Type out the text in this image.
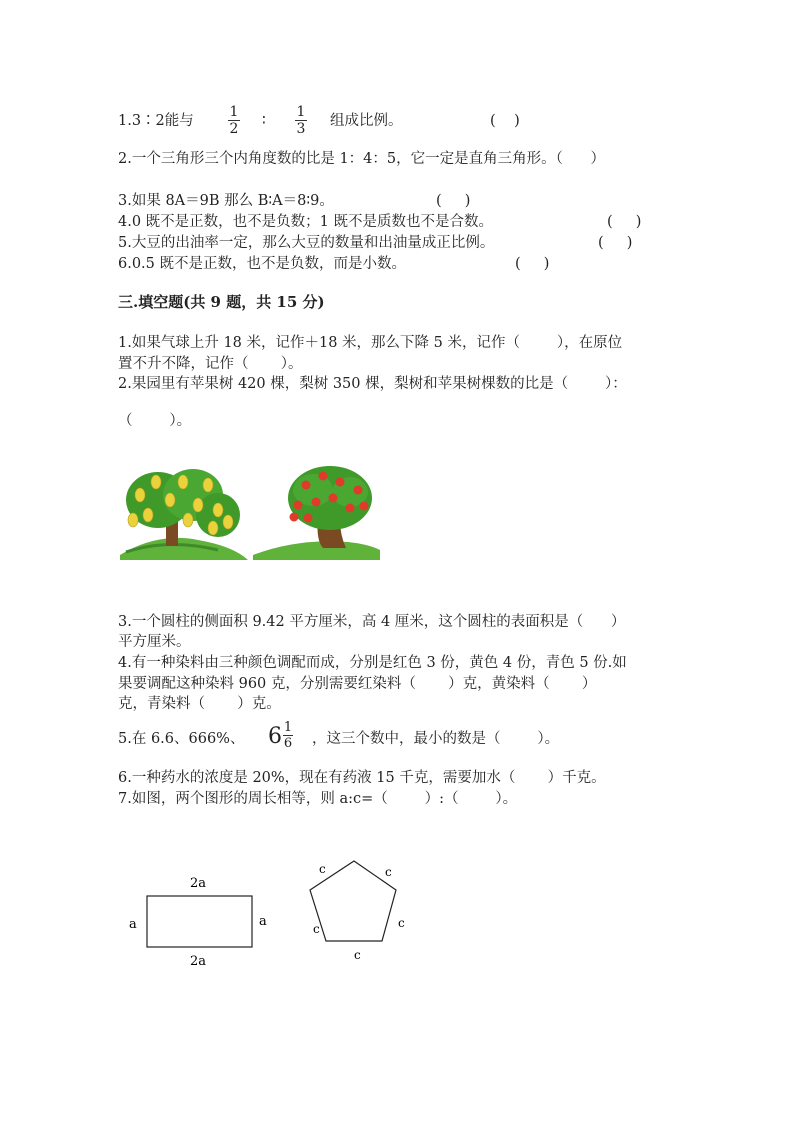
1.3∶2能与
1
2 ∶
1
3 组成比例。	(    )
2.一个三角形三个内角度数的比是 1：4：5，它一定是直角三角形。（      ）
3.如果 8A＝9B 那么 B∶A＝8∶9。	(     )
4.0 既不是正数，也不是负数；1 既不是质数也不是合数。	(     )
5.大豆的出油率一定，那么大豆的数量和出油量成正比例。	(     )
6.0.5 既不是正数，也不是负数，而是小数。	(     )
三.填空题(共 9 题，共 15 分)
1.如果气球上升 18 米，记作＋18 米，那么下降 5 米，记作（        ），在原位
置不升不降，记作（       ）。
2.果园里有苹果树 420 棵，梨树 350 棵，梨树和苹果树棵数的比是（        ）：
（        ）。
3.一个圆柱的侧面积 9.42 平方厘米，高 4 厘米，这个圆柱的表面积是（      ）
平方厘米。
4.有一种染料由三种颜色调配而成，分别是红色 3 份，黄色 4 份，青色 5 份.如
果要调配这种染料 960 克，分别需要红染料（       ）克，黄染料（       ）
克，青染料（       ）克。
5.在 6.6、666%、 6 1
6 ，这三个数中，最小的数是（        ）。
6.一种药水的浓度是 20%，现在有药液 15 千克，需要加水（       ）千克。
7.如图，两个图形的周长相等，则 a:c=（        ）:（        ）。
2a
2a
a	a
c	c
c	c
c
